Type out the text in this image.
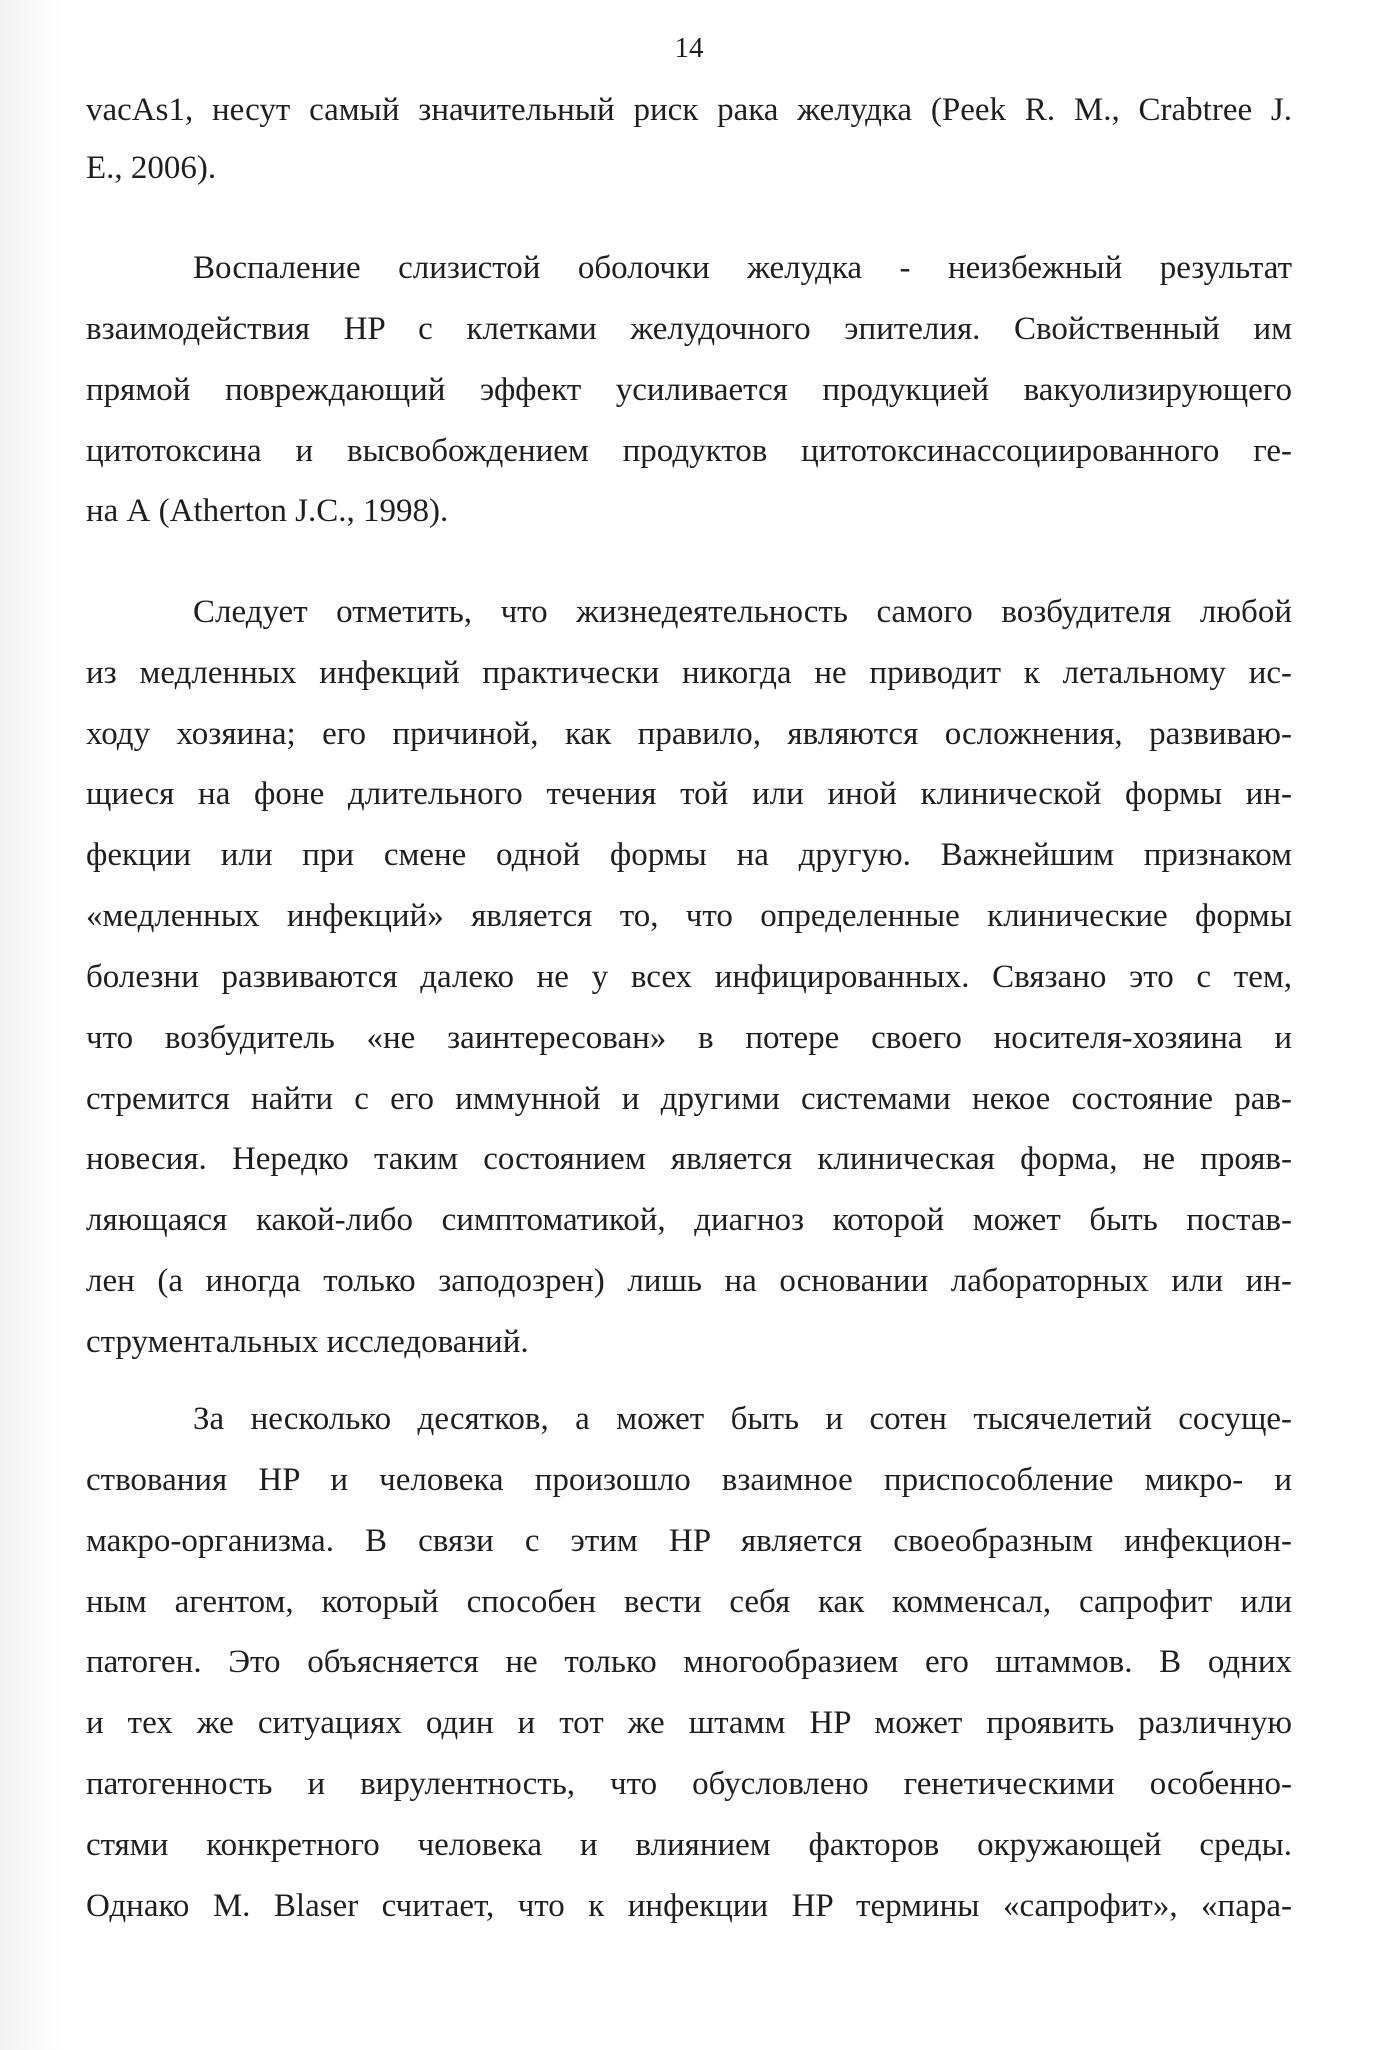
14
vacAs1, несут самый значительный риск рака желудка (Peek R. M., Crabtree J.
E., 2006).
Воспаление слизистой оболочки желудка - неизбежный результат
взаимодействия HP с клетками желудочного эпителия. Свойственный им
прямой повреждающий эффект усиливается продукцией вакуолизирующего
цитотоксина и высвобождением продуктов цитотоксинассоциированного ге-
на А (Atherton J.C., 1998).
Следует отметить, что жизнедеятельность самого возбудителя любой
из медленных инфекций практически никогда не приводит к летальному ис-
ходу хозяина; его причиной, как правило, являются осложнения, развиваю-
щиеся на фоне длительного течения той или иной клинической формы ин-
фекции или при смене одной формы на другую. Важнейшим признаком
«медленных инфекций» является то, что определенные клинические формы
болезни развиваются далеко не у всех инфицированных. Связано это с тем,
что возбудитель «не заинтересован» в потере своего носителя-хозяина и
стремится найти с его иммунной и другими системами некое состояние рав-
новесия. Нередко таким состоянием является клиническая форма, не прояв-
ляющаяся какой-либо симптоматикой, диагноз которой может быть постав-
лен (а иногда только заподозрен) лишь на основании лабораторных или ин-
струментальных исследований.
За несколько десятков, а может быть и сотен тысячелетий сосуще-
ствования HP и человека произошло взаимное приспособление микро- и
макро-организма. В связи с этим HP является своеобразным инфекцион-
ным агентом, который способен вести себя как комменсал, сапрофит или
патоген. Это объясняется не только многообразием его штаммов. В одних
и тех же ситуациях один и тот же штамм HP может проявить различную
патогенность и вирулентность, что обусловлено генетическими особенно-
стями конкретного человека и влиянием факторов окружающей среды.
Однако M. Blaser считает, что к инфекции HP термины «сапрофит», «пара-
